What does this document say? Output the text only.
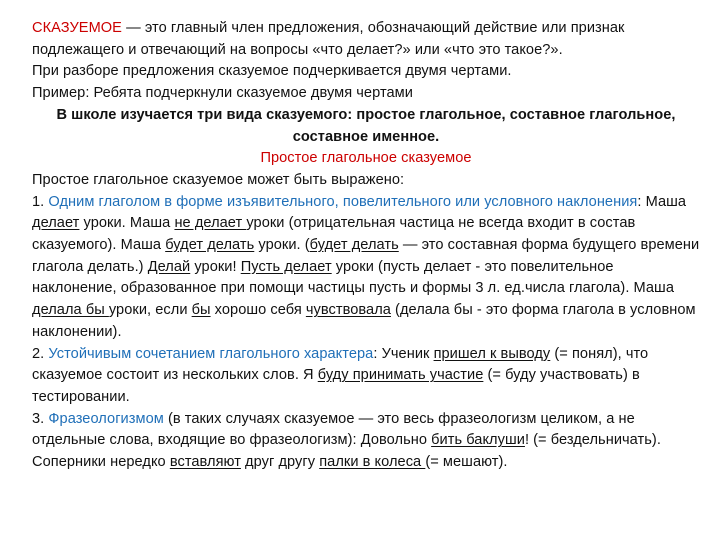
СКАЗУЕМОЕ — это главный член предложения, обозначающий действие или признак подлежащего и отвечающий на вопросы «что делает?» или «что это такое?».

При разборе предложения сказуемое подчеркивается двумя чертами.

Пример: Ребята подчеркнули сказуемое двумя чертами

В школе изучается три вида сказуемого: простое глагольное, составное глагольное, составное именное.

Простое глагольное сказуемое

Простое глагольное сказуемое может быть выражено:

1. Одним глаголом в форме изъявительного, повелительного или условного наклонения: Маша делает уроки. Маша не делает уроки (отрицательная частица не всегда входит в состав сказуемого). Маша будет делать уроки. (будет делать — это составная форма будущего времени глагола делать.) Делай уроки! Пусть делает уроки (пусть делает - это повелительное наклонение, образованное при помощи частицы пусть и формы 3 л. ед.числа глагола). Маша делала бы уроки, если бы хорошо себя чувствовала (делала бы - это форма глагола в условном наклонении).

2. Устойчивым сочетанием глагольного характера: Ученик пришел к выводу (= понял), что сказуемое состоит из нескольких слов. Я буду принимать участие (= буду участвовать) в тестировании.

3. Фразеологизмом (в таких случаях сказуемое — это весь фразеологизм целиком, а не отдельные слова, входящие во фразеологизм): Довольно бить баклуши! (= бездельничать). Соперники нередко вставляют друг другу палки в колеса (= мешают).
